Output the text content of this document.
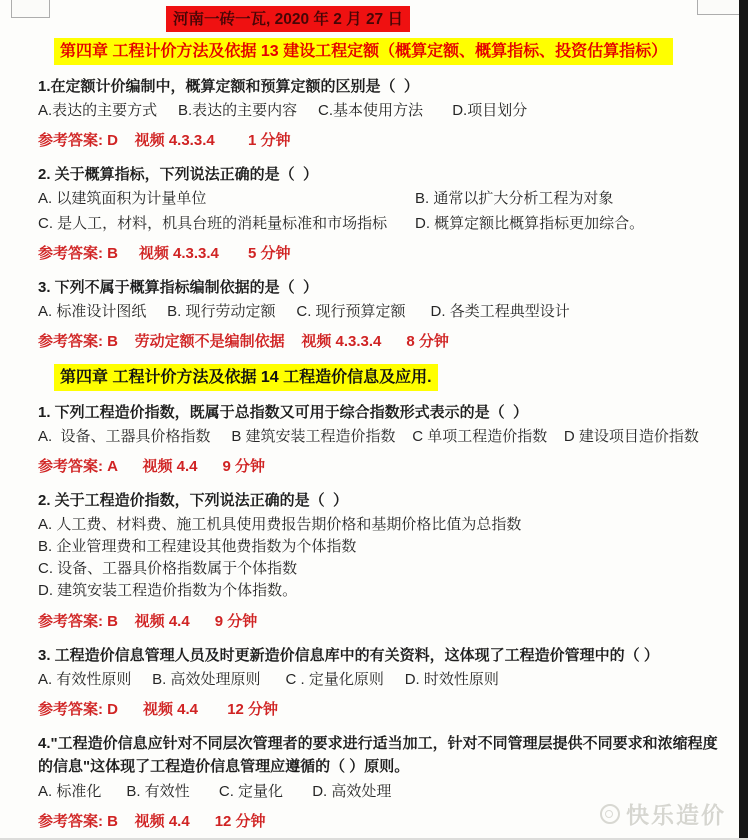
河南一砖一瓦, 2020 年 2 月 27 日
第四章 工程计价方法及依据 13 建设工程定额（概算定额、概算指标、投资估算指标）
1.在定额计价编制中，概算定额和预算定额的区别是（  ）
A.表达的主要方式     B.表达的主要内容     C.基本使用方法       D.项目划分
参考答案: D    视频 4.3.3.4        1 分钟
2. 关于概算指标，下列说法正确的是（  ）
A. 以建筑面积为计量单位	B. 通常以扩大分析工程为对象
C. 是人工，材料，机具台班的消耗量标准和市场指标	D. 概算定额比概算指标更加综合。
参考答案: B     视频 4.3.3.4       5 分钟
3. 下列不属于概算指标编制依据的是（  ）
A. 标准设计图纸     B. 现行劳动定额     C. 现行预算定额      D. 各类工程典型设计
参考答案: B    劳动定额不是编制依据    视频 4.3.3.4      8 分钟
第四章 工程计价方法及依据 14 工程造价信息及应用.
1. 下列工程造价指数，既属于总指数又可用于综合指数形式表示的是（  ）
A.  设备、工器具价格指数     B 建筑安装工程造价指数    C 单项工程造价指数    D 建设项目造价指数
参考答案: A      视频 4.4      9 分钟
2. 关于工程造价指数，下列说法正确的是（  ）
A. 人工费、材料费、施工机具使用费报告期价格和基期价格比值为总指数
B. 企业管理费和工程建设其他费指数为个体指数
C. 设备、工器具价格指数属于个体指数
D. 建筑安装工程造价指数为个体指数。
参考答案: B    视频 4.4      9 分钟
3. 工程造价信息管理人员及时更新造价信息库中的有关资料，这体现了工程造价管理中的（ ）
A. 有效性原则     B. 高效处理原则      C . 定量化原则     D. 时效性原则
参考答案: D      视频 4.4       12 分钟
4."工程造价信息应针对不同层次管理者的要求进行适当加工，针对不同管理层提供不同要求和浓缩程度的信息"这体现了工程造价信息管理应遵循的（ ）原则。
A. 标准化      B. 有效性       C. 定量化       D. 高效处理
参考答案: B    视频 4.4      12 分钟	快乐造价
